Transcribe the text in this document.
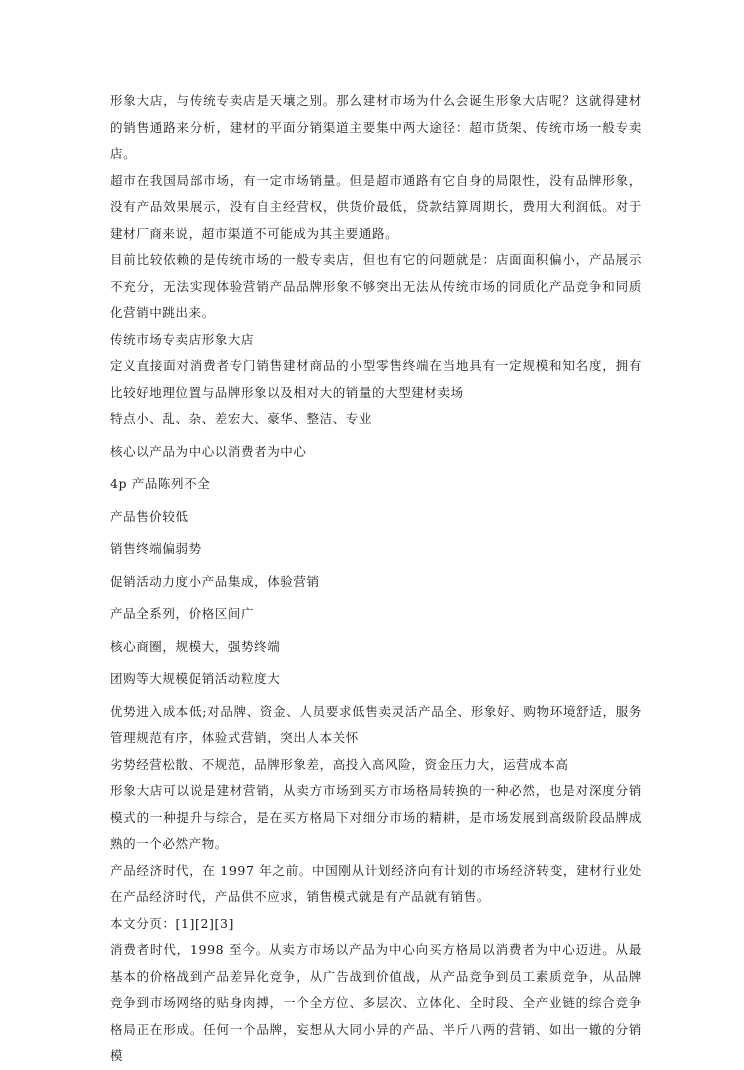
形象大店，与传统专卖店是天壤之别。那么建材市场为什么会诞生形象大店呢？这就得建材的销售通路来分析，建材的平面分销渠道主要集中两大途径：超市货架、传统市场一般专卖店。

超市在我国局部市场，有一定市场销量。但是超市通路有它自身的局限性，没有品牌形象，没有产品效果展示，没有自主经营权，供货价最低，贷款结算周期长，费用大利润低。对于建材厂商来说，超市渠道不可能成为其主要通路。

目前比较依赖的是传统市场的一般专卖店，但也有它的问题就是：店面面积偏小，产品展示不充分，无法实现体验营销产品品牌形象不够突出无法从传统市场的同质化产品竞争和同质化营销中跳出来。

传统市场专卖店形象大店

定义直接面对消费者专门销售建材商品的小型零售终端在当地具有一定规模和知名度，拥有比较好地理位置与品牌形象以及相对大的销量的大型建材卖场

特点小、乱、杂、差宏大、豪华、整洁、专业

核心以产品为中心以消费者为中心

4p 产品陈列不全

产品售价较低

销售终端偏弱势

促销活动力度小产品集成，体验营销

产品全系列，价格区间广

核心商圈，规模大，强势终端

团购等大规模促销活动粒度大

优势进入成本低;对品牌、资金、人员要求低售卖灵活产品全、形象好、购物环境舒适，服务管理规范有序，体验式营销，突出人本关怀

劣势经营松散、不规范，品牌形象差，高投入高风险，资金压力大，运营成本高

形象大店可以说是建材营销，从卖方市场到买方市场格局转换的一种必然，也是对深度分销模式的一种提升与综合，是在买方格局下对细分市场的精耕，是市场发展到高级阶段品牌成熟的一个必然产物。

产品经济时代，在 1997 年之前。中国刚从计划经济向有计划的市场经济转变，建材行业处在产品经济时代，产品供不应求，销售模式就是有产品就有销售。

本文分页：[1][2][3]

消费者时代，1998 至今。从卖方市场以产品为中心向买方格局以消费者为中心迈进。从最基本的价格战到产品差异化竞争，从广告战到价值战，从产品竞争到员工素质竞争，从品牌竞争到市场网络的贴身肉搏，一个全方位、多层次、立体化、全时段、全产业链的综合竞争格局正在形成。任何一个品牌，妄想从大同小异的产品、半斤八两的营销、如出一辙的分销模
